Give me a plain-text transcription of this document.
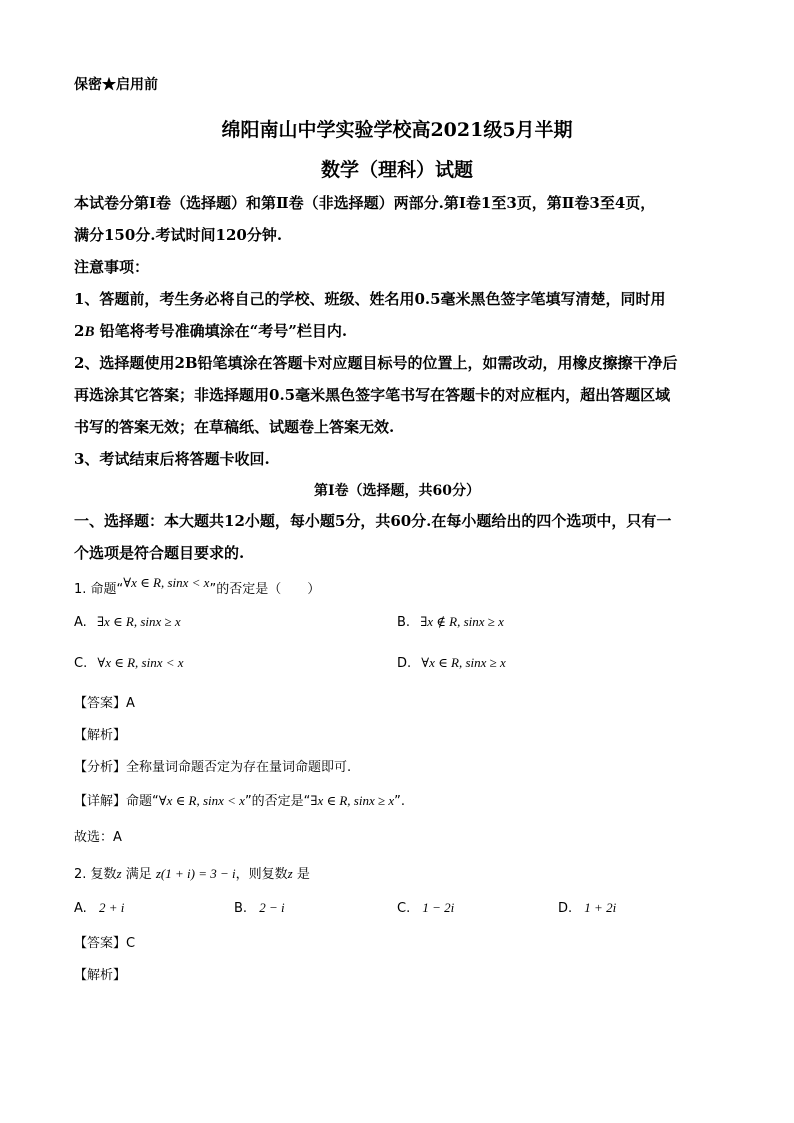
保密★启用前
绵阳南山中学实验学校高2021级5月半期
数学（理科）试题
本试卷分第Ⅰ卷（选择题）和第Ⅱ卷（非选择题）两部分.第Ⅰ卷1至3页，第Ⅱ卷3至4页，
满分150分.考试时间120分钟.
注意事项：
1、答题前，考生务必将自己的学校、班级、姓名用0.5毫米黑色签字笔填写清楚，同时用
2B 铅笔将考号准确填涂在“考号”栏目内.
2、选择题使用2B铅笔填涂在答题卡对应题目标号的位置上，如需改动，用橡皮擦擦干净后
再选涂其它答案；非选择题用0.5毫米黑色签字笔书写在答题卡的对应框内，超出答题区域
书写的答案无效；在草稿纸、试题卷上答案无效.
3、考试结束后将答题卡收回.
第Ⅰ卷（选择题，共60分）
一、选择题：本大题共12小题，每小题5分，共60分.在每小题给出的四个选项中，只有一
个选项是符合题目要求的.
1. 命题“∀x ∈ R, sinx < x”的否定是（　　）
A. ∃x ∈ R, sinx ≥ x	B. ∃x ∉ R, sinx ≥ x
C. ∀x ∈ R, sinx < x	D. ∀x ∈ R, sinx ≥ x
【答案】A
【解析】
【分析】全称量词命题否定为存在量词命题即可.
【详解】命题“∀x ∈ R, sinx < x”的否定是“∃x ∈ R, sinx ≥ x”.
故选：A
2. 复数z 满足 z(1 + i) = 3 − i，则复数z 是
A. 2 + i	B. 2 − i	C. 1 − 2i	D. 1 + 2i
【答案】C
【解析】
